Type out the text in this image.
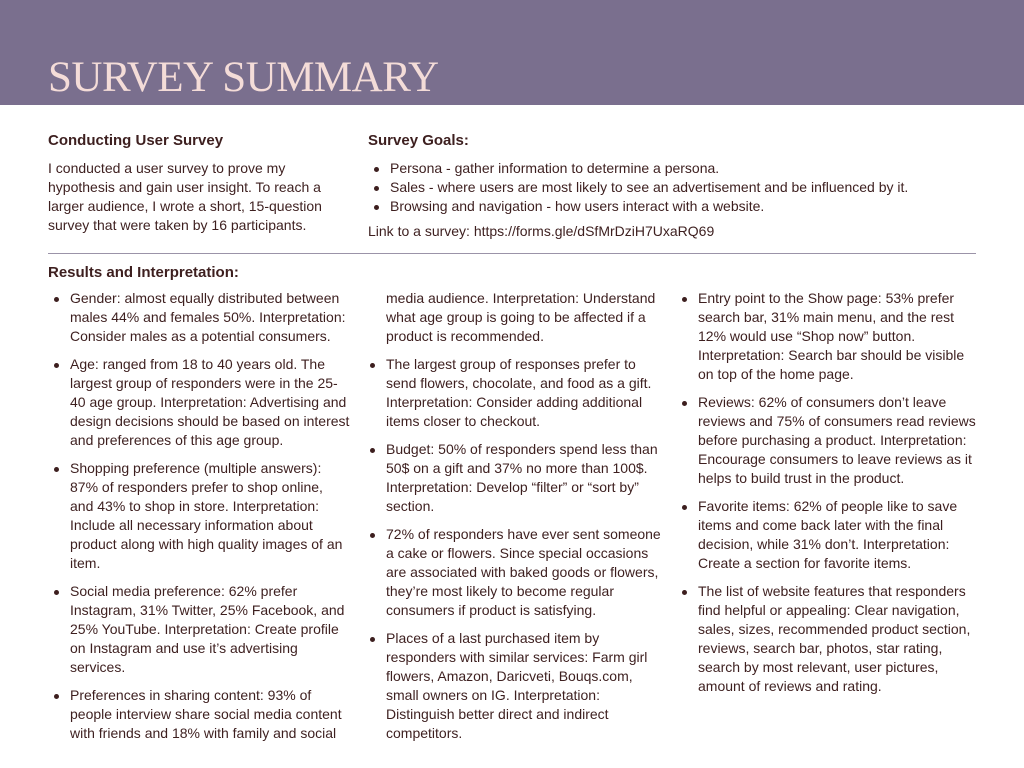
SURVEY SUMMARY
Conducting User Survey

I conducted a user survey to prove my hypothesis and gain user insight. To reach a larger audience, I wrote a short, 15-question survey that were taken by 16 participants.

Survey Goals:
Persona - gather information to determine a persona.
Sales - where users are most likely to see an advertisement and be influenced by it.
Browsing and navigation - how users interact with a website.
Link to a survey: https://forms.gle/dSfMrDziH7UxaRQ69
Results and Interpretation:
Gender: almost equally distributed between males 44% and females 50%. Interpretation: Consider males as a potential consumers.
Age: ranged from 18 to 40 years old. The largest group of responders were in the 25-40 age group. Interpretation: Advertising and design decisions should be based on interest and preferences of this age group.
Shopping preference (multiple answers): 87% of responders prefer to shop online, and 43% to shop in store. Interpretation: Include all necessary information about product along with high quality images of an item.
Social media preference: 62% prefer Instagram, 31% Twitter, 25% Facebook, and 25% YouTube. Interpretation: Create profile on Instagram and use it’s advertising services.
Preferences in sharing content: 93% of people interview share social media content with friends and 18% with family and social
media audience. Interpretation: Understand what age group is going to be affected if a product is recommended.
The largest group of responses prefer to send flowers, chocolate, and food as a gift. Interpretation: Consider adding additional items closer to checkout.
Budget: 50% of responders spend less than 50$ on a gift and 37% no more than 100$. Interpretation: Develop “filter” or “sort by” section.
72% of responders have ever sent someone a cake or flowers. Since special occasions are associated with baked goods or flowers, they’re most likely to become regular consumers if product is satisfying.
Places of a last purchased item by responders with similar services: Farm girl flowers, Amazon, Daricveti, Bouqs.com, small owners on IG. Interpretation: Distinguish better direct and indirect competitors.
Entry point to the Show page: 53% prefer search bar, 31% main menu, and the rest 12% would use “Shop now” button. Interpretation: Search bar should be visible on top of the home page.
Reviews: 62% of consumers don’t leave reviews and 75% of consumers read reviews before purchasing a product. Interpretation: Encourage consumers to leave reviews as it helps to build trust in the product.
Favorite items: 62% of people like to save items and come back later with the final decision, while 31% don’t. Interpretation: Create a section for favorite items.
The list of website features that responders find helpful or appealing: Clear navigation, sales, sizes, recommended product section, reviews, search bar, photos, star rating, search by most relevant, user pictures, amount of reviews and rating.
